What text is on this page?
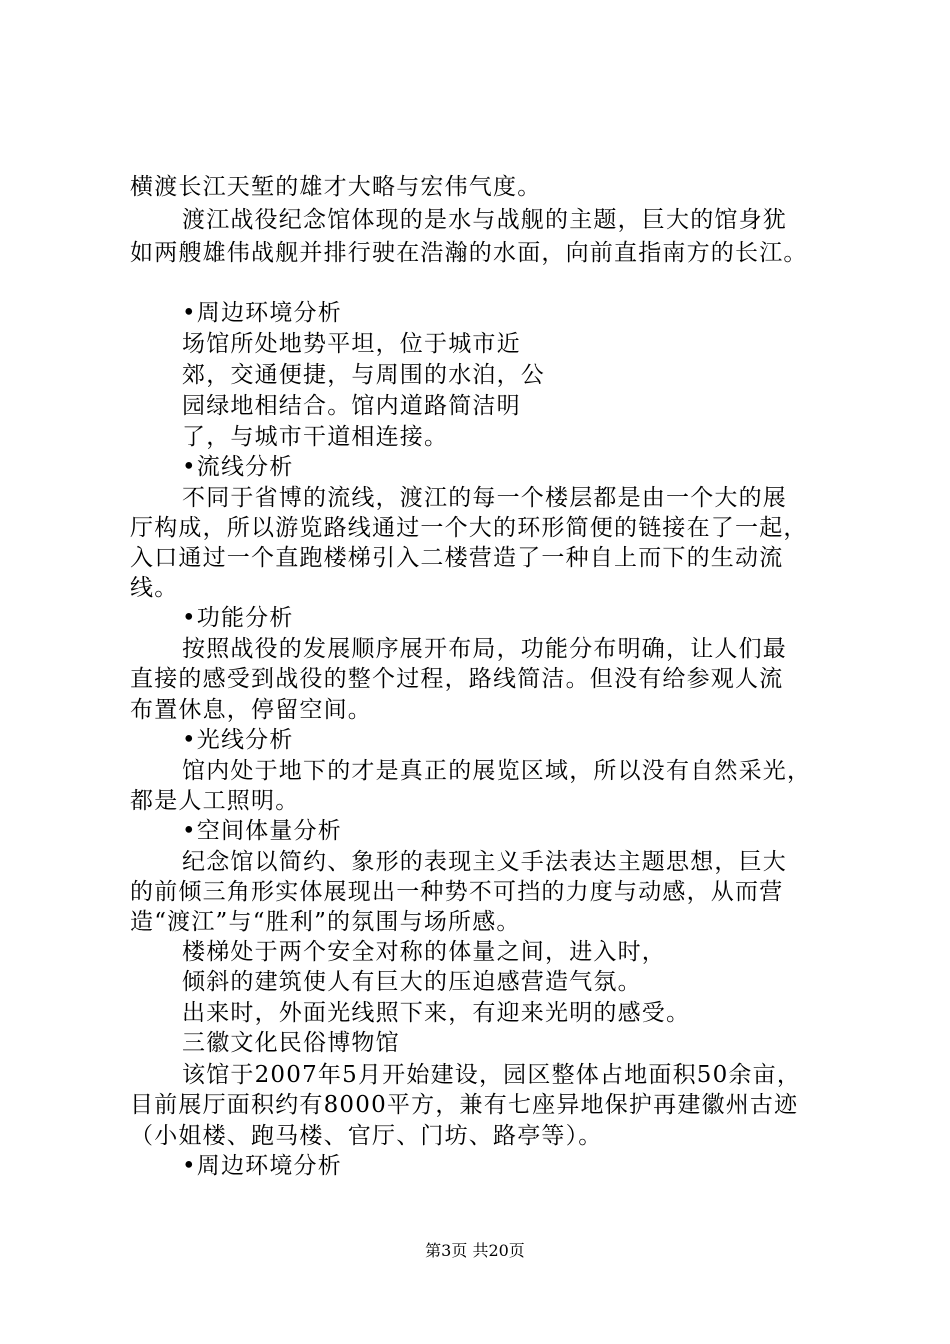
横渡长江天堑的雄才大略与宏伟气度。
渡江战役纪念馆体现的是水与战舰的主题，巨大的馆身犹
如两艘雄伟战舰并排行驶在浩瀚的水面，向前直指南方的长江。
•周边环境分析
场馆所处地势平坦，位于城市近
郊，交通便捷，与周围的水泊，公
园绿地相结合。馆内道路简洁明
了，与城市干道相连接。
•流线分析
不同于省博的流线，渡江的每一个楼层都是由一个大的展
厅构成，所以游览路线通过一个大的环形简便的链接在了一起，
入口通过一个直跑楼梯引入二楼营造了一种自上而下的生动流
线。
•功能分析
按照战役的发展顺序展开布局，功能分布明确，让人们最
直接的感受到战役的整个过程，路线简洁。但没有给参观人流
布置休息，停留空间。
•光线分析
馆内处于地下的才是真正的展览区域，所以没有自然采光，
都是人工照明。
•空间体量分析
纪念馆以简约、象形的表现主义手法表达主题思想，巨大
的前倾三角形实体展现出一种势不可挡的力度与动感，从而营
造“渡江”与“胜利”的氛围与场所感。
楼梯处于两个安全对称的体量之间，进入时，
倾斜的建筑使人有巨大的压迫感营造气氛。
出来时，外面光线照下来，有迎来光明的感受。
三徽文化民俗博物馆
该馆于2007年5月开始建设，园区整体占地面积50余亩，
目前展厅面积约有8000平方，兼有七座异地保护再建徽州古迹
（小姐楼、跑马楼、官厅、门坊、路亭等）。
•周边环境分析
第3页 共20页
